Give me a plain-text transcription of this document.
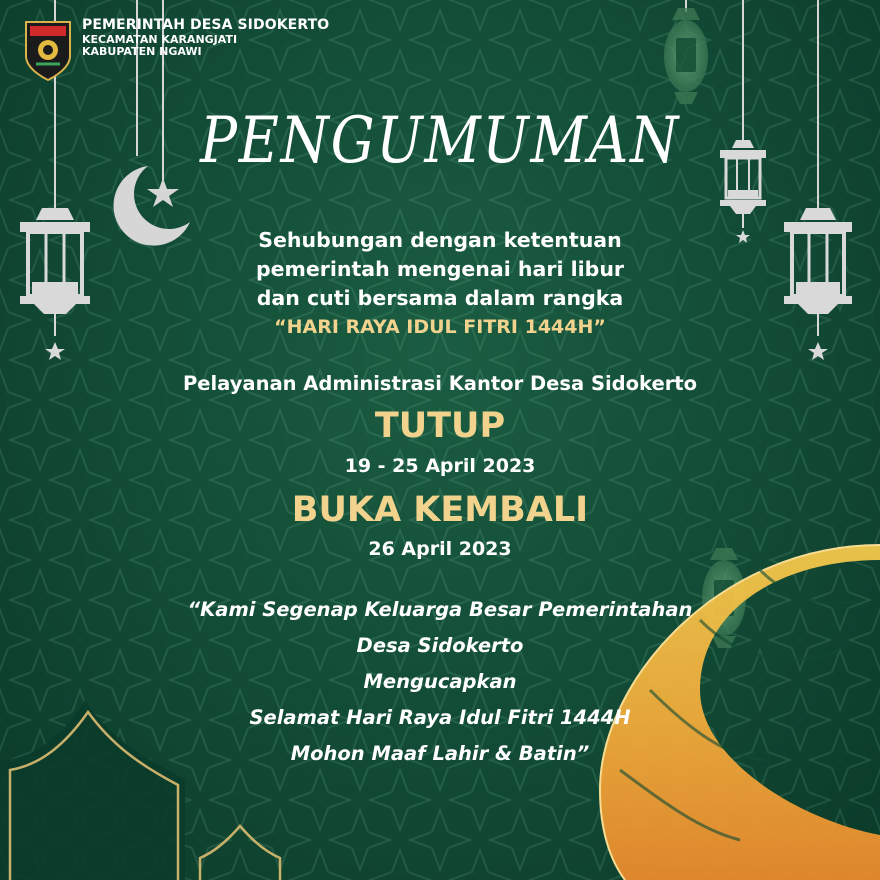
PEMERINTAH DESA SIDOKERTO
KECAMATAN KARANGJATI
KABUPATEN NGAWI
PENGUMUMAN
Sehubungan dengan ketentuan
pemerintah mengenai hari libur
dan cuti bersama dalam rangka
“HARI RAYA IDUL FITRI 1444H”
Pelayanan Administrasi Kantor Desa Sidokerto
TUTUP
19 - 25 April 2023
BUKA KEMBALI
26 April 2023
“Kami Segenap Keluarga Besar Pemerintahan
Desa Sidokerto
Mengucapkan
Selamat Hari Raya Idul Fitri 1444H
Mohon Maaf Lahir & Batin”
